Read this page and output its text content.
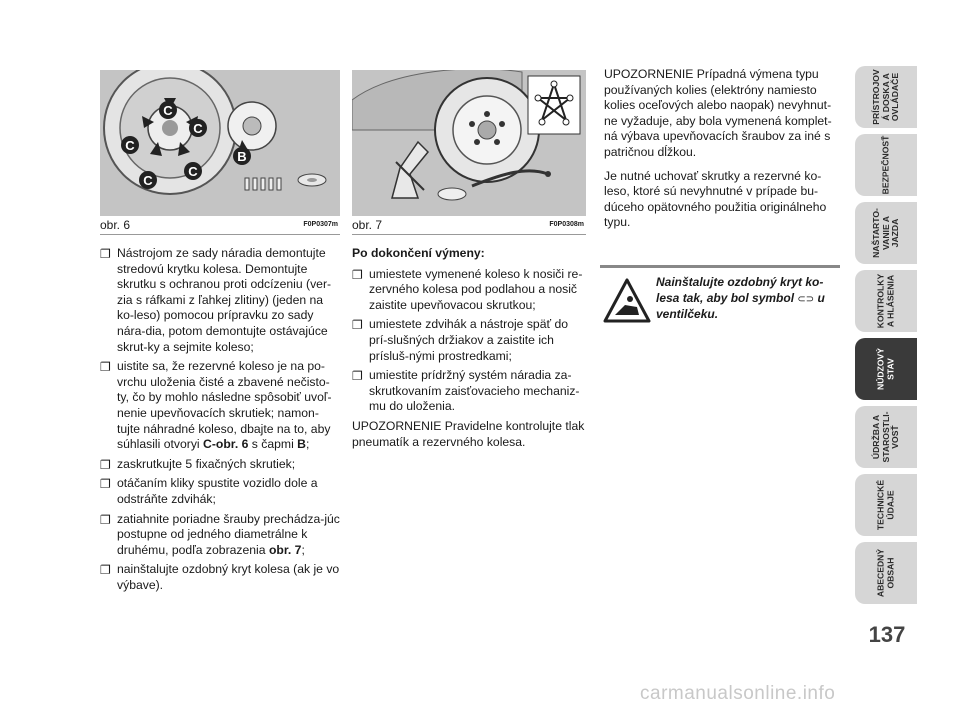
C
C
C
C
C
B
obr. 6	F0P0307m obr. 7	F0P0308m
❐ Nástrojom ze sady náradia demontujte stredovú krytku kolesa. Demontujte skrutku s ochranou proti odcízeniu (ver-zia s ráfkami z ľahkej zlitiny) (jeden na ko-leso) pomocou prípravku zo sady nára-dia, potom demontujte ostávajúce skrut-ky a sejmite koleso;
❐ uistite sa, že rezervné koleso je na po-vrchu uloženia čisté a zbavené nečisto-ty, čo by mohlo následne spôsobiť uvoľ-nenie upevňovacích skrutiek; namon-tujte náhradné koleso, dbajte na to, aby súhlasili otvoryi C-obr. 6 s čapmi B;
❐ zaskrutkujte 5 fixačných skrutiek;
❐ otáčaním kliky spustite vozidlo dole a odstráňte zdvihák;
❐ zatiahnite poriadne šrauby prechádza-júc postupne od jedného diametrálne k druhému, podľa zobrazenia obr. 7;
❐ nainštalujte ozdobný kryt kolesa (ak je vo výbave).
Po dokončení výmeny:
❐ umiestete vymenené koleso k nosiči re-zervného kolesa pod podlahou a nosič zaistite upevňovacou skrutkou;
❐ umiestete zdvihák a nástroje späť do prí-slušných držiakov a zaistite ich prísluš-nými prostredkami;
❐ umiestite prídržný systém náradia za-skrutkovaním zaisťovacieho mechaniz-mu do uloženia.

UPOZORNENIE Pravidelne kontrolujte tlak pneumatík a rezervného kolesa.

UPOZORNENIE Prípadná výmena typu používaných kolies (elektróny namiesto kolies oceľových alebo naopak) nevyhnut-ne vyžaduje, aby bola vymenená komplet-ná výbava upevňovacích šraubov za iné s patričnou dĺžkou.

Je nutné uchovať skrutky a rezervné ko-leso, ktoré sú nevyhnutné v prípade bu-dúceho opätovného použitia originálneho typu.

Nainštalujte ozdobný kryt ko-lesa tak, aby bol symbol ⊂⊃ u ventilčeku.
PRÍSTROJOV
Á DOSKA A
OVLÁDAČE
BEZPEČNOSŤ
NAŠTARTO-
VANIE A
JAZDA
KONTROLKY
A HLÁSENIA
NÚDZOVÝ
STAV
ÚDRŽBA A
STAROSTLI-
VOSŤ
TECHNICKÉ
ÚDAJE
ABECEDNÝ
OBSAH
137
carmanualsonline.info
